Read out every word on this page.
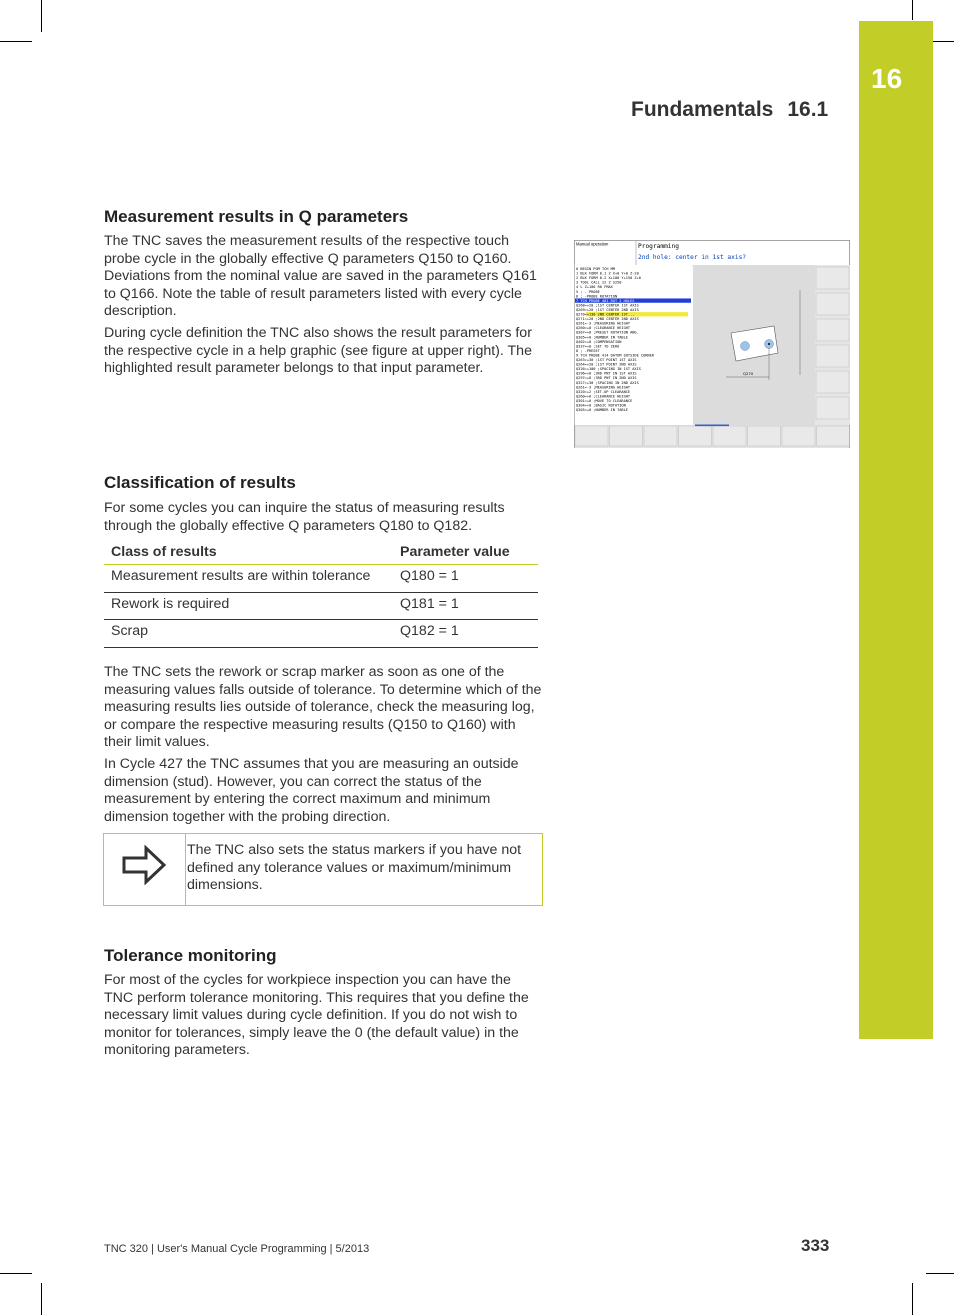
16
Fundamentals 16.1
Measurement results in Q parameters

The TNC saves the measurement results of the respective touch probe cycle in the globally effective Q parameters Q150 to Q160. Deviations from the nominal value are saved in the parameters Q161 to Q166. Note the table of result parameters listed with every cycle description.

During cycle definition the TNC also shows the result parameters for the respective cycle in a help graphic (see figure at upper right). The highlighted result parameter belongs to that input parameter.

Manual operation	Programming
2nd hole: center in 1st axis?
0 BEGIN PGM TCH MM
1 BLK FORM 0.1 Z X+0 Y+0 Z-20
2 BLK FORM 0.2 X+100 Y+150 Z+0
3 TOOL CALL 22 Z S250
4 L Z+100 R0 FMAX
5 ; - PROBE
6 ; -PROBE ROTATION
7 TCH PROBE 401 ROT 2 HOLES
Q268=+20 ;1ST CENTER 1ST AXIS
Q269=+20 ;1ST CENTER 2ND AXIS
Q270=+130 2ND CENTER 1ST...
Q271=+20 ;2ND CENTER 2ND AXIS
Q261=-3 ;MEASURING HEIGHT
Q260=+0 ;CLEARANCE HEIGHT
Q307=+0 ;PRESET ROTATION ANG.
Q305=+0 ;NUMBER IN TABLE
Q402=+0 ;COMPENSATION
Q337=+0 ;SET TO ZERO
8 ; -PRESET
9 TCH PROBE 414 DATUM OUTSIDE CORNER
Q263=+30 ;1ST POINT 1ST AXIS
Q264=+20 ;1ST POINT 2ND AXIS
Q326=+100 ;SPACING IN 1ST AXIS
Q296=+0 ;3RD PNT IN 1ST AXIS
Q297=+0 ;3RD PNT IN 2ND AXIS
Q327=+30 ;SPACING IN 2ND AXIS
Q261=-3 ;MEASURING HEIGHT
Q320=+2 ;SET-UP CLEARANCE
Q260=+0 ;CLEARANCE HEIGHT
Q301=+0 ;MOVE TO CLEARANCE
Q304=+0 ;BASIC ROTATION
Q305=+0 ;NUMBER IN TABLE
Q270
Classification of results

For some cycles you can inquire the status of measuring results through the globally effective Q parameters Q180 to Q182.

Class of results	Parameter value
Measurement results are within tolerance	Q180 = 1
Rework is required	Q181 = 1
Scrap	Q182 = 1

The TNC sets the rework or scrap marker as soon as one of the measuring values falls outside of tolerance. To determine which of the measuring results lies outside of tolerance, check the measuring log, or compare the respective measuring results (Q150 to Q160) with their limit values.

In Cycle 427 the TNC assumes that you are measuring an outside dimension (stud). However, you can correct the status of the measurement by entering the correct maximum and minimum dimension together with the probing direction.

The TNC also sets the status markers if you have not defined any tolerance values or maximum/minimum dimensions.
Tolerance monitoring

For most of the cycles for workpiece inspection you can have the TNC perform tolerance monitoring. This requires that you define the necessary limit values during cycle definition. If you do not wish to monitor for tolerances, simply leave the 0 (the default value) in the monitoring parameters.

TNC 320 | User's Manual Cycle Programming | 5/2013	333
